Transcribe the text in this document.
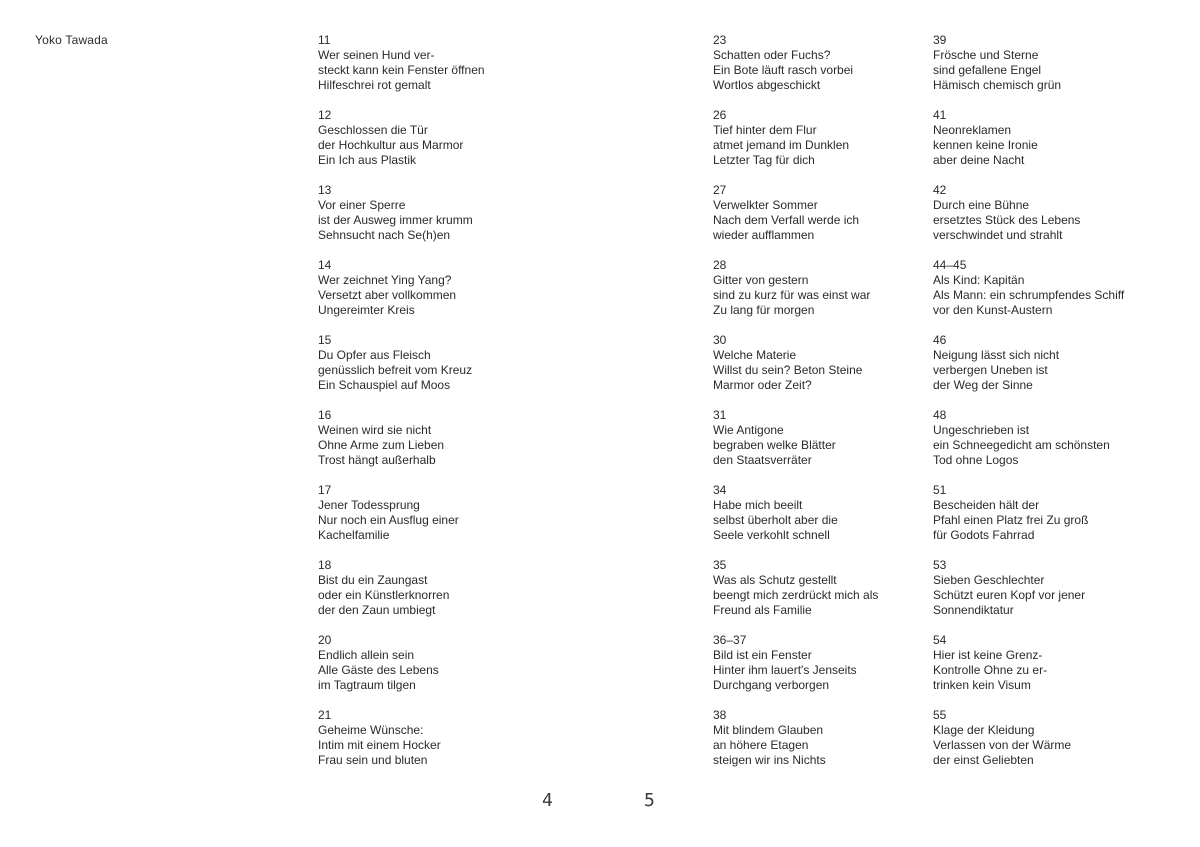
Yoko Tawada	11
Wer seinen Hund ver-
steckt kann kein Fenster öffnen
Hilfeschrei rot gemalt
12
Geschlossen die Tür
der Hochkultur aus Marmor
Ein Ich aus Plastik
13
Vor einer Sperre
ist der Ausweg immer krumm
Sehnsucht nach Se(h)en
14
Wer zeichnet Ying Yang?
Versetzt aber vollkommen
Ungereimter Kreis
15
Du Opfer aus Fleisch
genüsslich befreit vom Kreuz
Ein Schauspiel auf Moos
16
Weinen wird sie nicht
Ohne Arme zum Lieben
Trost hängt außerhalb
17
Jener Todessprung
Nur noch ein Ausflug einer
Kachelfamilie
18
Bist du ein Zaungast
oder ein Künstlerknorren
der den Zaun umbiegt
20
Endlich allein sein
Alle Gäste des Lebens
im Tagtraum tilgen
21
Geheime Wünsche:
Intim mit einem Hocker
Frau sein und bluten
23
Schatten oder Fuchs?
Ein Bote läuft rasch vorbei
Wortlos abgeschickt
26
Tief hinter dem Flur
atmet jemand im Dunklen
Letzter Tag für dich
27
Verwelkter Sommer
Nach dem Verfall werde ich
wieder aufflammen
28
Gitter von gestern
sind zu kurz für was einst war
Zu lang für morgen
30
Welche Materie
Willst du sein? Beton Steine
Marmor oder Zeit?
31
Wie Antigone
begraben welke Blätter
den Staatsverräter
34
Habe mich beeilt
selbst überholt aber die
Seele verkohlt schnell
35
Was als Schutz gestellt
beengt mich zerdrückt mich als
Freund als Familie
36–37
Bild ist ein Fenster
Hinter ihm lauert's Jenseits
Durchgang verborgen
38
Mit blindem Glauben
an höhere Etagen
steigen wir ins Nichts
39
Frösche und Sterne
sind gefallene Engel
Hämisch chemisch grün
41
Neonreklamen
kennen keine Ironie
aber deine Nacht
42
Durch eine Bühne
ersetztes Stück des Lebens
verschwindet und strahlt
44–45
Als Kind: Kapitän
Als Mann: ein schrumpfendes Schiff
vor den Kunst-Austern
46
Neigung lässt sich nicht
verbergen Uneben ist
der Weg der Sinne
48
Ungeschrieben ist
ein Schneegedicht am schönsten
Tod ohne Logos
51
Bescheiden hält der
Pfahl einen Platz frei Zu groß
für Godots Fahrrad
53
Sieben Geschlechter
Schützt euren Kopf vor jener
Sonnendiktatur
54
Hier ist keine Grenz-
Kontrolle Ohne zu er-
trinken kein Visum
55
Klage der Kleidung
Verlassen von der Wärme
der einst Geliebten
4	5
